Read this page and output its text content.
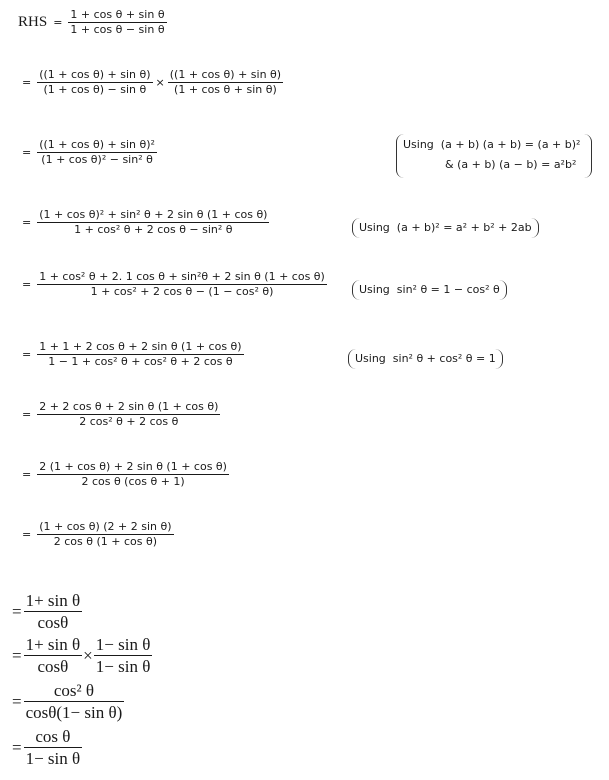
RHS = $\frac{\text{1 + cos θ + sin θ}}{\text{1 + cos θ − sin θ}}$
= $\frac{\text{((1 + cos θ) + sin θ)}}{\text{(1 + cos θ) − sin θ}} \times \frac{\text{((1 + cos θ) + sin θ)}}{\text{(1 + cos θ + sin θ)}}$
= $\frac{\text{((1 + cos θ) + sin θ)²}}{\text{(1 + cos θ)² − sin² θ}}$	Using  (a + b) (a + b) = (a + b)²
& (a + b) (a − b) = a²b²
= $\frac{\text{(1 + cos θ)² + sin² θ + 2 sin θ (1 + cos θ)}}{\text{1 + cos² θ + 2 cos θ − sin² θ}}$	Using  (a + b)² = a² + b² + 2ab
= $\frac{\text{1 + cos² θ + 2. 1 cos θ + sin²θ + 2 sin θ (1 + cos θ)}}{\text{1 + cos² + 2 cos θ − (1 − cos² θ)}}$	Using  sin² θ = 1 − cos² θ
= $\frac{\text{1 + 1 + 2 cos θ + 2 sin θ (1 + cos θ)}}{\text{1 − 1 + cos² θ + cos² θ + 2 cos θ}}$	Using  sin² θ + cos² θ = 1
= $\frac{\text{2 + 2 cos θ + 2 sin θ (1 + cos θ)}}{\text{2 cos² θ + 2 cos θ}}$
= $\frac{\text{2 (1 + cos θ) + 2 sin θ (1 + cos θ)}}{\text{2 cos θ (cos θ + 1)}}$
= $\frac{\text{(1 + cos θ) (2 + 2 sin θ)}}{\text{2 cos θ (1 + cos θ)}}$
= $\frac{\text{1+ sin θ}}{\cos\theta}$
= $\frac{\text{1+ sin θ}}{\cos\theta} \times \frac{\text{1− sin θ}}{\text{1− sin θ}}$
= $\frac{\text{cos² θ}}{\text{cosθ(1− sin θ)}}$
= $\frac{\text{cos θ}}{\text{1− sin θ}}$
